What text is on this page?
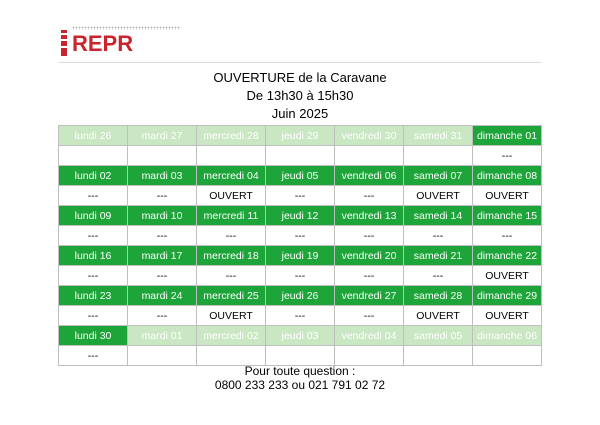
REPR
OUVERTURE de la Caravane
De 13h30 à 15h30
Juin 2025
lundi 26	mardi 27	mercredi 28	jeudi 29	vendredi 30	samedi 31	dimanche 01
						---
lundi 02	mardi 03	mercredi 04	jeudi 05	vendredi 06	samedi 07	dimanche 08
---	---	OUVERT	---	---	OUVERT	OUVERT
lundi 09	mardi 10	mercredi 11	jeudi 12	vendredi 13	samedi 14	dimanche 15
---	---	---	---	---	---	---
lundi 16	mardi 17	mercredi 18	jeudi 19	vendredi 20	samedi 21	dimanche 22
---	---	---	---	---	---	OUVERT
lundi 23	mardi 24	mercredi 25	jeudi 26	vendredi 27	samedi 28	dimanche 29
---	---	OUVERT	---	---	OUVERT	OUVERT
lundi 30	mardi 01	mercredi 02	jeudi 03	vendredi 04	samedi 05	dimanche 06
---						
Pour toute question :
0800 233 233 ou 021 791 02 72
